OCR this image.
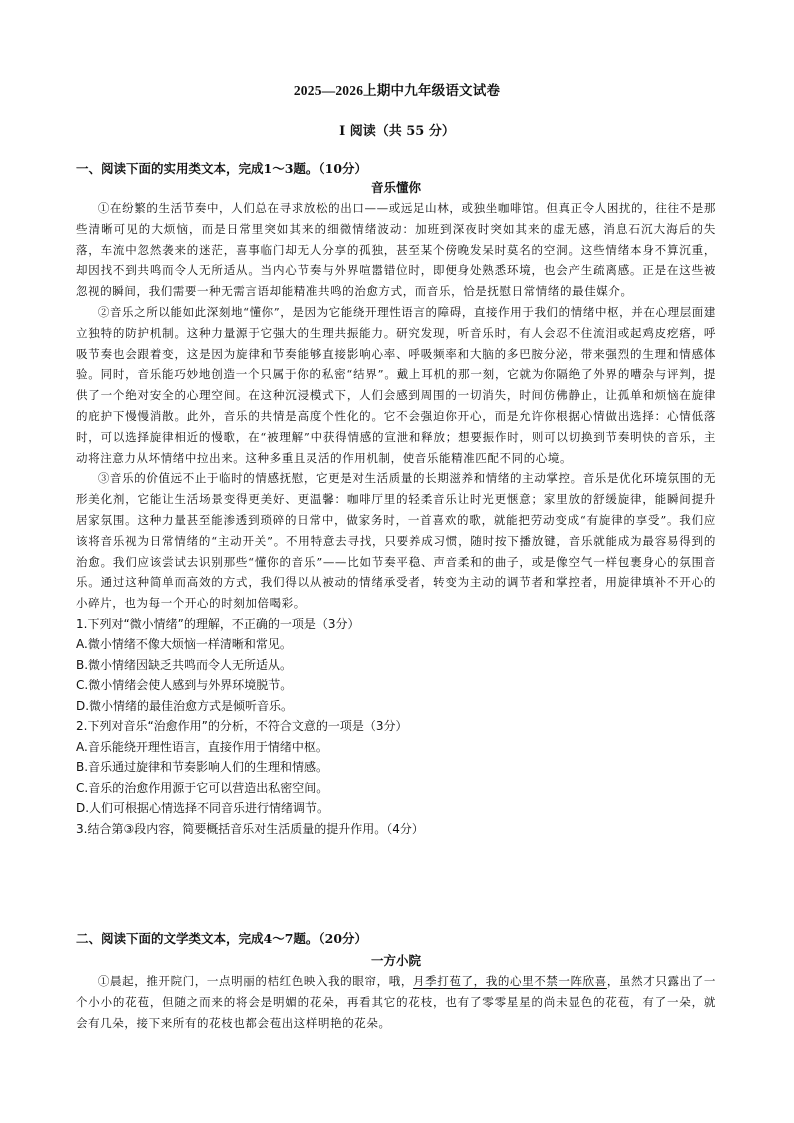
2025—2026上期中九年级语文试卷
Ⅰ 阅读（共 55 分）
一、阅读下面的实用类文本，完成1～3题。（10分）
音乐懂你

①在纷繁的生活节奏中，人们总在寻求放松的出口——或远足山林，或独坐咖啡馆。但真正令人困扰的，往往不是那些清晰可见的大烦恼，而是日常里突如其来的细微情绪波动：加班到深夜时突如其来的虚无感，消息石沉大海后的失落，车流中忽然袭来的迷茫，喜事临门却无人分享的孤独，甚至某个傍晚发呆时莫名的空洞。这些情绪本身不算沉重，却因找不到共鸣而令人无所适从。当内心节奏与外界喧嚣错位时，即便身处熟悉环境，也会产生疏离感。正是在这些被忽视的瞬间，我们需要一种无需言语却能精准共鸣的治愈方式，而音乐，恰是抚慰日常情绪的最佳媒介。

②音乐之所以能如此深刻地“懂你”，是因为它能绕开理性语言的障碍，直接作用于我们的情绪中枢，并在心理层面建立独特的防护机制。这种力量源于它强大的生理共振能力。研究发现，听音乐时，有人会忍不住流泪或起鸡皮疙瘩，呼吸节奏也会跟着变，这是因为旋律和节奏能够直接影响心率、呼吸频率和大脑的多巴胺分泌，带来强烈的生理和情感体验。同时，音乐能巧妙地创造一个只属于你的私密“结界”。戴上耳机的那一刻，它就为你隔绝了外界的嘈杂与评判，提供了一个绝对安全的心理空间。在这种沉浸模式下，人们会感到周围的一切消失，时间仿佛静止，让孤单和烦恼在旋律的庇护下慢慢消散。此外，音乐的共情是高度个性化的。它不会强迫你开心，而是允许你根据心情做出选择：心情低落时，可以选择旋律相近的慢歌，在“被理解”中获得情感的宣泄和释放；想要振作时，则可以切换到节奏明快的音乐，主动将注意力从坏情绪中拉出来。这种多重且灵活的作用机制，使音乐能精准匹配不同的心境。

③音乐的价值远不止于临时的情感抚慰，它更是对生活质量的长期滋养和情绪的主动掌控。音乐是优化环境氛围的无形美化剂，它能让生活场景变得更美好、更温馨：咖啡厅里的轻柔音乐让时光更惬意；家里放的舒缓旋律，能瞬间提升居家氛围。这种力量甚至能渗透到琐碎的日常中，做家务时，一首喜欢的歌，就能把劳动变成“有旋律的享受”。我们应该将音乐视为日常情绪的“主动开关”。不用特意去寻找，只要养成习惯，随时按下播放键，音乐就能成为最容易得到的治愈。我们应该尝试去识别那些“懂你的音乐”——比如节奏平稳、声音柔和的曲子，或是像空气一样包裹身心的氛围音乐。通过这种简单而高效的方式，我们得以从被动的情绪承受者，转变为主动的调节者和掌控者，用旋律填补不开心的小碎片，也为每一个开心的时刻加倍喝彩。

1.下列对“微小情绪”的理解，不正确的一项是（3分）

A.微小情绪不像大烦恼一样清晰和常见。

B.微小情绪因缺乏共鸣而令人无所适从。

C.微小情绪会使人感到与外界环境脱节。

D.微小情绪的最佳治愈方式是倾听音乐。

2.下列对音乐“治愈作用”的分析，不符合文意的一项是（3分）

A.音乐能绕开理性语言，直接作用于情绪中枢。

B.音乐通过旋律和节奏影响人们的生理和情感。

C.音乐的治愈作用源于它可以营造出私密空间。

D.人们可根据心情选择不同音乐进行情绪调节。

3.结合第③段内容，简要概括音乐对生活质量的提升作用。（4分）

二、阅读下面的文学类文本，完成4～7题。（20分）
一方小院

①晨起，推开院门，一点明丽的桔红色映入我的眼帘，哦，月季打苞了，我的心里不禁一阵欣喜，虽然才只露出了一个小小的花苞，但随之而来的将会是明媚的花朵，再看其它的花枝，也有了零零星星的尚未显色的花苞，有了一朵，就会有几朵，接下来所有的花枝也都会苞出这样明艳的花朵。
